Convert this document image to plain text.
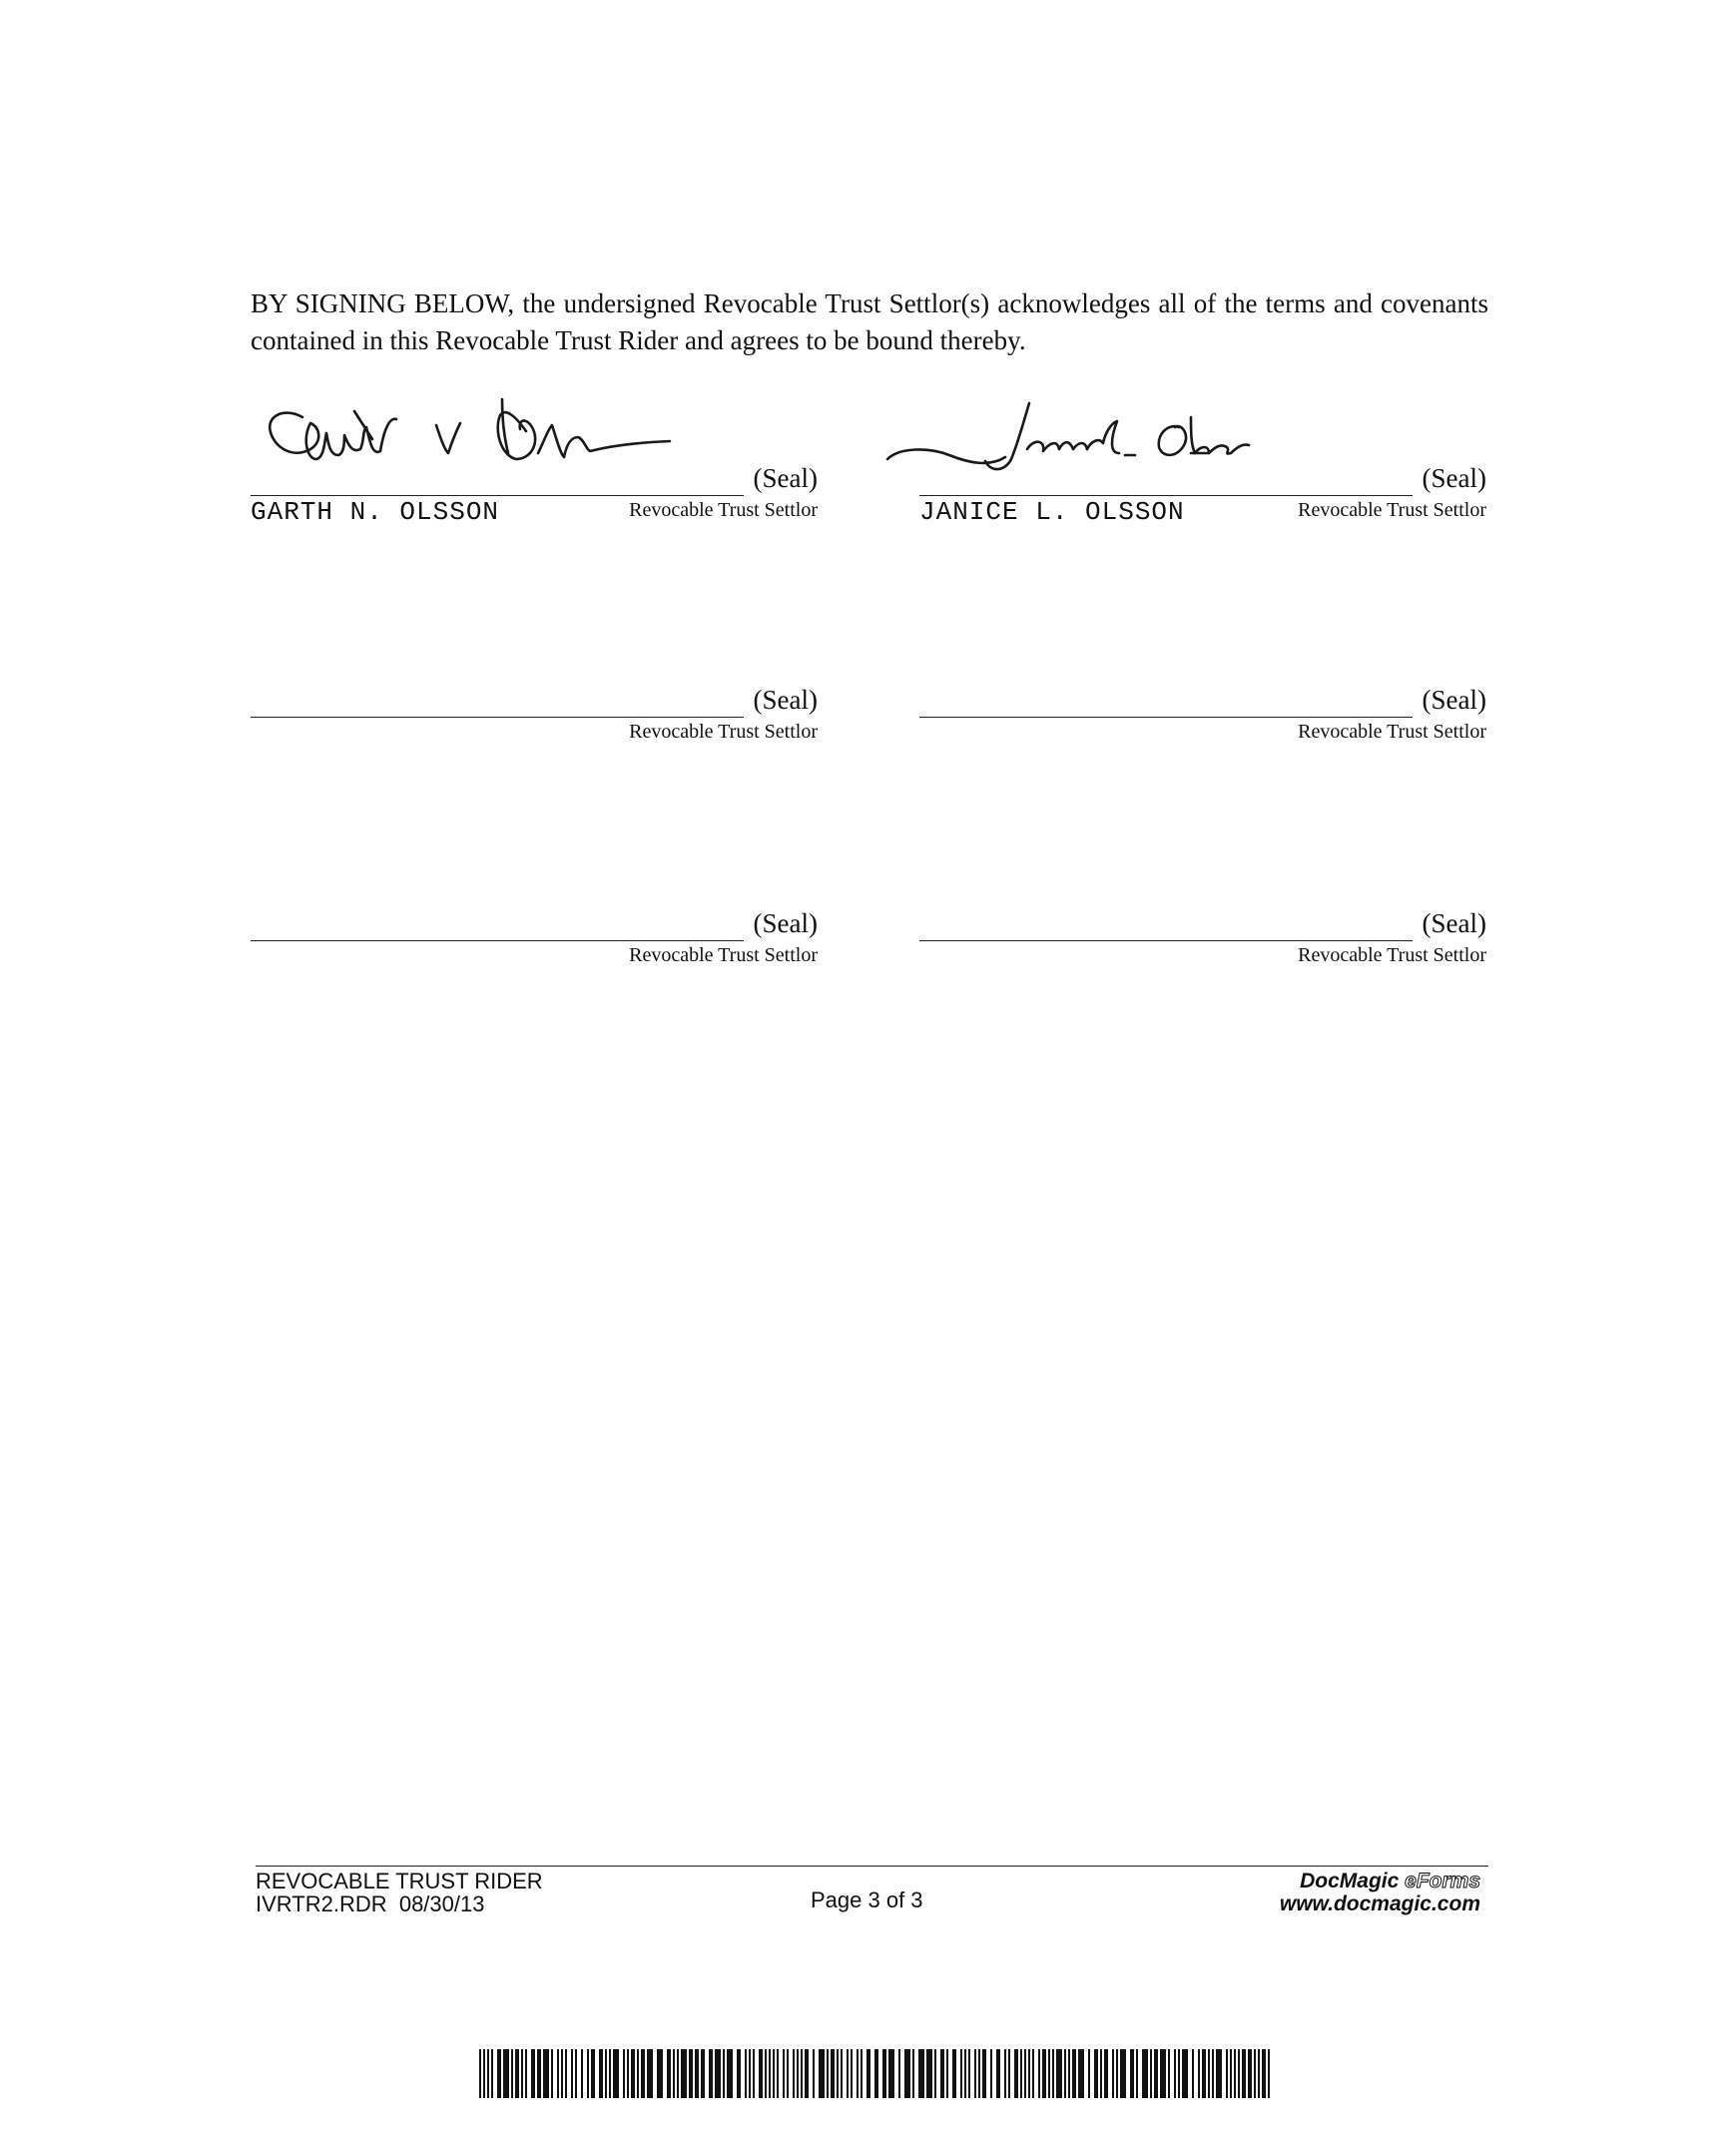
BY SIGNING BELOW, the undersigned Revocable Trust Settlor(s) acknowledges all of the terms and covenants contained in this Revocable Trust Rider and agrees to be bound thereby.
(Seal)
GARTH N. OLSSON	Revocable Trust Settlor
(Seal)
JANICE L. OLSSON	Revocable Trust Settlor
(Seal)
Revocable Trust Settlor
(Seal)
Revocable Trust Settlor
(Seal)
Revocable Trust Settlor
(Seal)
Revocable Trust Settlor
REVOCABLE TRUST RIDER
IVRTR2.RDR  08/30/13	Page 3 of 3
DocMagic eForms
www.docmagic.com
